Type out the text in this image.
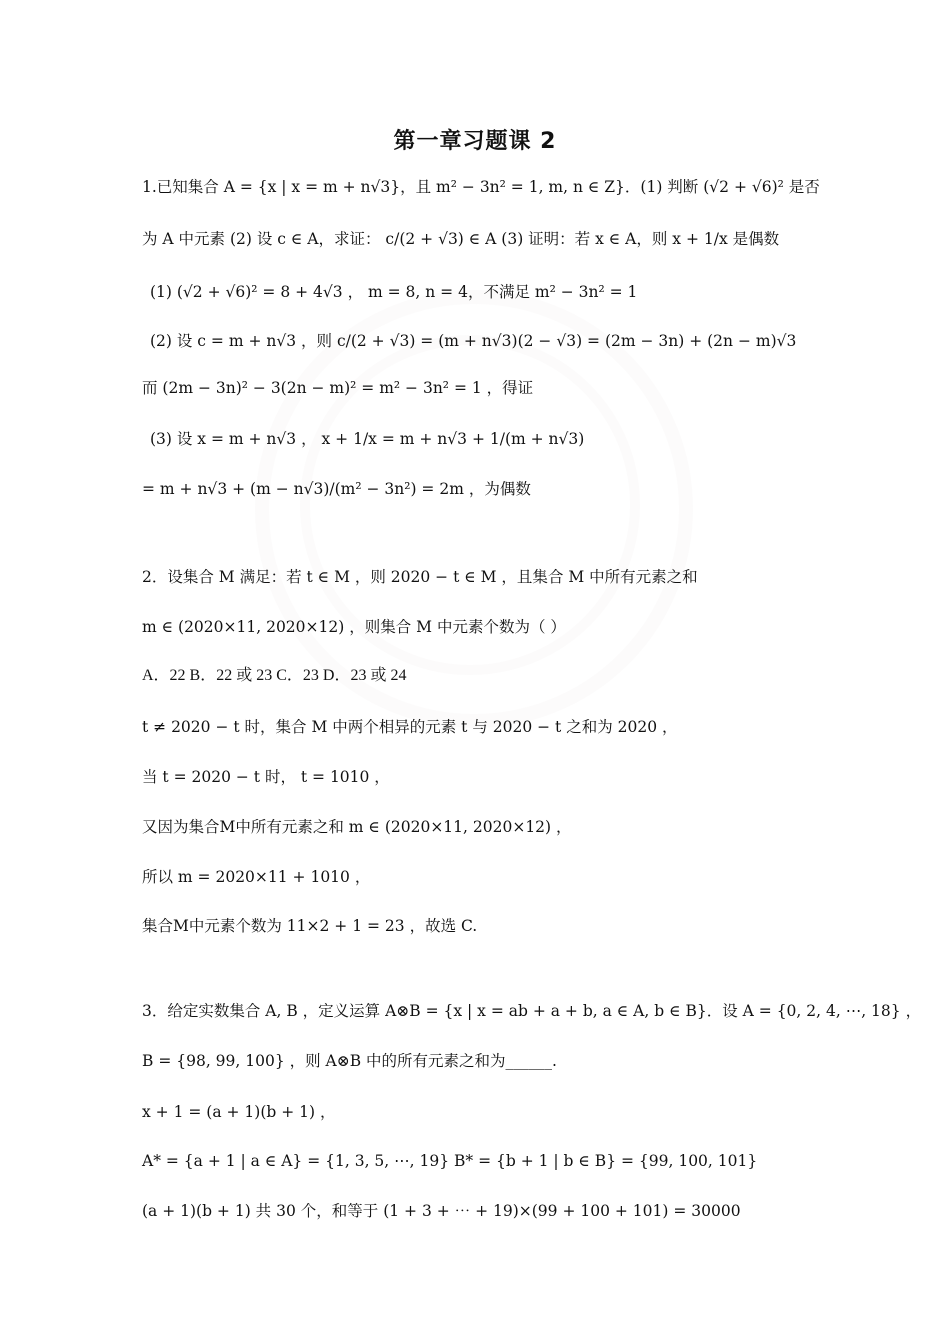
第一章习题课 2
1.已知集合 A = {x | x = m + n√3}，且 m² − 3n² = 1, m, n ∈ Z}．(1) 判断 (√2 + √6)² 是否
为 A 中元素 (2) 设 c ∈ A，求证： c/(2 + √3) ∈ A (3) 证明：若 x ∈ A，则 x + 1/x 是偶数
(1) (√2 + √6)² = 8 + 4√3 ， m = 8, n = 4，不满足 m² − 3n² = 1
(2) 设 c = m + n√3 ，则 c/(2 + √3) = (m + n√3)(2 − √3) = (2m − 3n) + (2n − m)√3
而 (2m − 3n)² − 3(2n − m)² = m² − 3n² = 1 ，得证
(3) 设 x = m + n√3 ， x + 1/x = m + n√3 + 1/(m + n√3)
= m + n√3 + (m − n√3)/(m² − 3n²) = 2m ，为偶数
2．设集合 M 满足：若 t ∈ M ，则 2020 − t ∈ M ，且集合 M 中所有元素之和
m ∈ (2020×11, 2020×12) ，则集合 M 中元素个数为（ ）
A．22 B．22 或 23 C．23 D．23 或 24
t ≠ 2020 − t 时，集合 M 中两个相异的元素 t 与 2020 − t 之和为 2020 ，
当 t = 2020 − t 时， t = 1010 ，
又因为集合M中所有元素之和 m ∈ (2020×11, 2020×12) ，
所以 m = 2020×11 + 1010 ，
集合M中元素个数为 11×2 + 1 = 23 ，故选 C.
3．给定实数集合 A, B ，定义运算 A⊗B = {x | x = ab + a + b, a ∈ A, b ∈ B}．设 A = {0, 2, 4, ⋯, 18} ，
B = {98, 99, 100} ，则 A⊗B 中的所有元素之和为______.
x + 1 = (a + 1)(b + 1) ，
A* = {a + 1 | a ∈ A} = {1, 3, 5, ⋯, 19} B* = {b + 1 | b ∈ B} = {99, 100, 101}
(a + 1)(b + 1) 共 30 个，和等于 (1 + 3 + ⋯ + 19)×(99 + 100 + 101) = 30000
